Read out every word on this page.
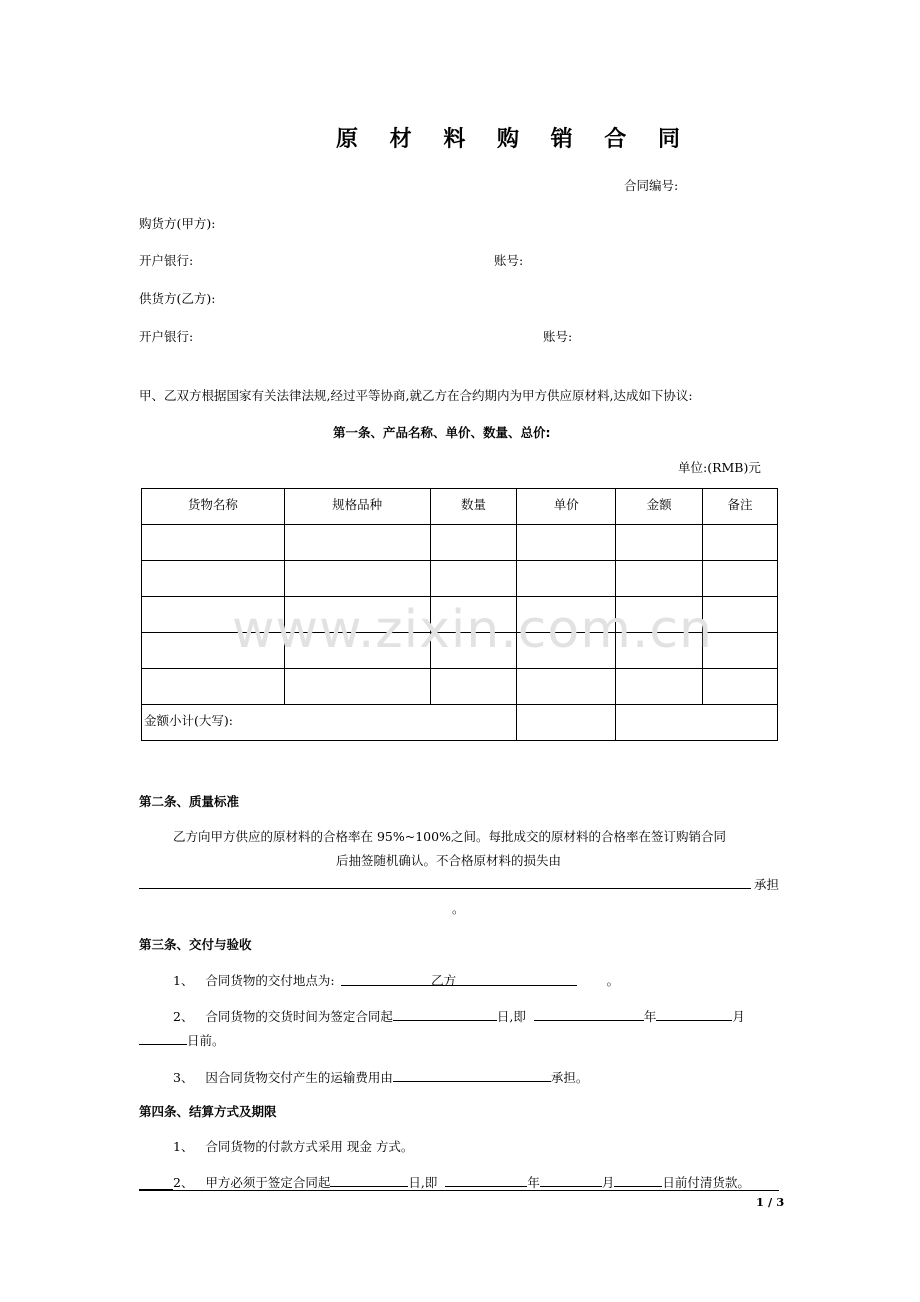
原 材 料 购 销 合 同
合同编号:
购货方(甲方):
开户银行:	账号:
供货方(乙方):
开户银行:	账号:
甲、乙双方根据国家有关法律法规,经过平等协商,就乙方在合约期内为甲方供应原材料,达成如下协议:
第一条、产品名称、单价、数量、总价:
单位:(RMB)元
货物名称	规格品种	数量	单价	金额	备注

金额小计(大写):					
www.zixin.com.cn
第二条、质量标准
乙方向甲方供应的原材料的合格率在 95%~100%之间。每批成交的原材料的合格率在签订购销合同
后抽签随机确认。不合格原材料的损失由
承担
。
第三条、交付与验收
1、 合同货物的交付地点为:	乙方	。
2、 合同货物的交货时间为签定合同起	日,即	年	月
日前。
3、 因合同货物交付产生的运输费用由	承担。
第四条、结算方式及期限
1、 合同货物的付款方式采用 现金 方式。
2、 甲方必须于签定合同起	日,即	年	月	日前付清货款。
1 / 3
